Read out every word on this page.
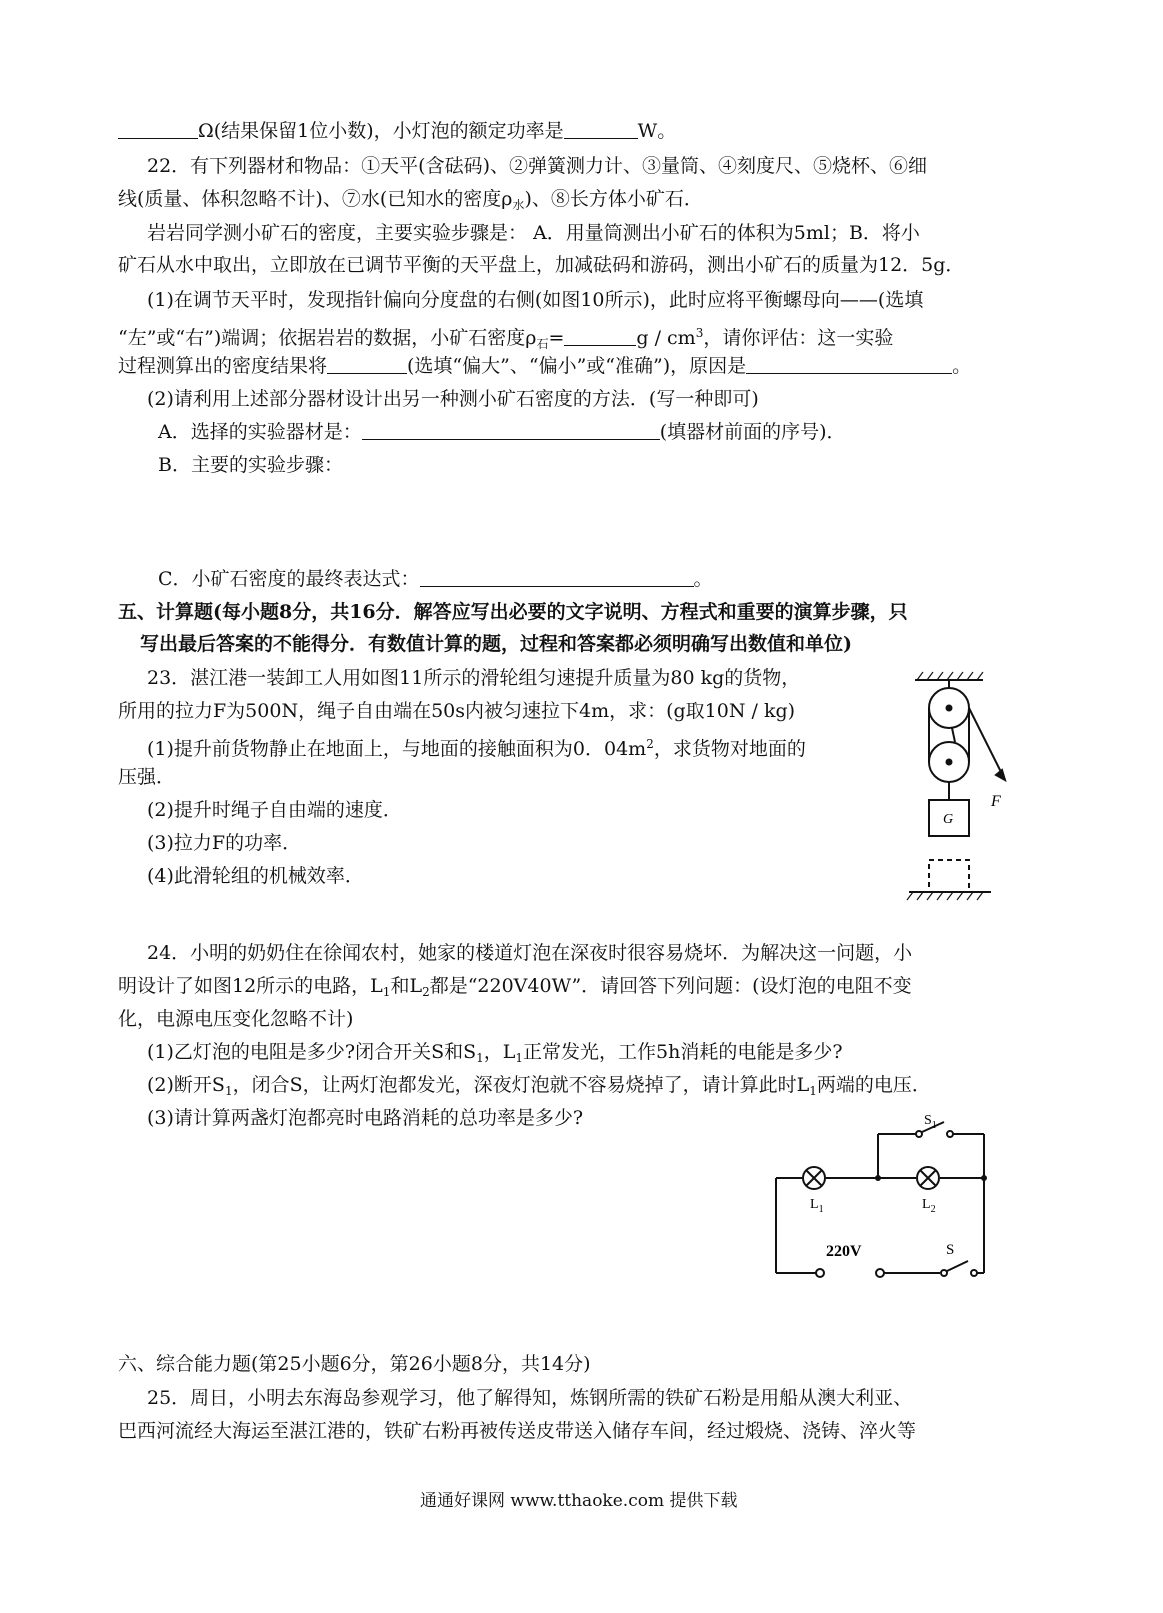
Ω(结果保留1位小数)，小灯泡的额定功率是	W。
22．有下列器材和物品：①天平(含砝码)、②弹簧测力计、③量筒、④刻度尺、⑤烧杯、⑥细
线(质量、体积忽略不计)、⑦水(已知水的密度$\rho_水$)、⑧长方体小矿石．
岩岩同学测小矿石的密度，主要实验步骤是： A．用量筒测出小矿石的体积为5ml；B．将小
矿石从水中取出，立即放在已调节平衡的天平盘上，加减砝码和游码，测出小矿石的质量为12．5g．
(1)在调节天平时，发现指针偏向分度盘的右侧(如图10所示)，此时应将平衡螺母向——(选填
“左”或“右”)端调；依据岩岩的数据，小矿石密度$\rho_石=$	g / $cm^3$，请你评估：这一实验
过程测算出的密度结果将	(选填“偏大”、“偏小”或“准确”)，原因是	。
(2)请利用上述部分器材设计出另一种测小矿石密度的方法．(写一种即可)
A．选择的实验器材是：	(填器材前面的序号)．
B．主要的实验步骤：
C．小矿石密度的最终表达式：	。
五、计算题(每小题8分，共16分．解答应写出必要的文字说明、方程式和重要的演算步骤，只
写出最后答案的不能得分．有数值计算的题，过程和答案都必须明确写出数值和单位)
23．湛江港一装卸工人用如图11所示的滑轮组匀速提升质量为80 kg的货物，
所用的拉力F为500N，绳子自由端在50s内被匀速拉下4m，求：(g取10N / kg)
(1)提升前货物静止在地面上，与地面的接触面积为0．$04m^2$，求货物对地面的
压强．
(2)提升时绳子自由端的速度．
(3)拉力F的功率．
(4)此滑轮组的机械效率．
F
G
24．小明的奶奶住在徐闻农村，她家的楼道灯泡在深夜时很容易烧坏．为解决这一问题，小
明设计了如图12所示的电路，$L_1$和$L_2$都是“220V40W”．请回答下列问题：(设灯泡的电阻不变
化，电源电压变化忽略不计)
(1)乙灯泡的电阻是多少?闭合开关S和$S_1$，$L_1$正常发光，工作5h消耗的电能是多少?
(2)断开$S_1$，闭合S，让两灯泡都发光，深夜灯泡就不容易烧掉了，请计算此时$L_1$两端的电压．
(3)请计算两盏灯泡都亮时电路消耗的总功率是多少?	$S_1$
$L_1$	$L_2$
220V	S
六、综合能力题(第25小题6分，第26小题8分，共14分)
25．周日，小明去东海岛参观学习，他了解得知，炼钢所需的铁矿石粉是用船从澳大利亚、
巴西河流经大海运至湛江港的，铁矿右粉再被传送皮带送入储存车间，经过煅烧、浇铸、淬火等
通通好课网 www.tthaoke.com 提供下载
